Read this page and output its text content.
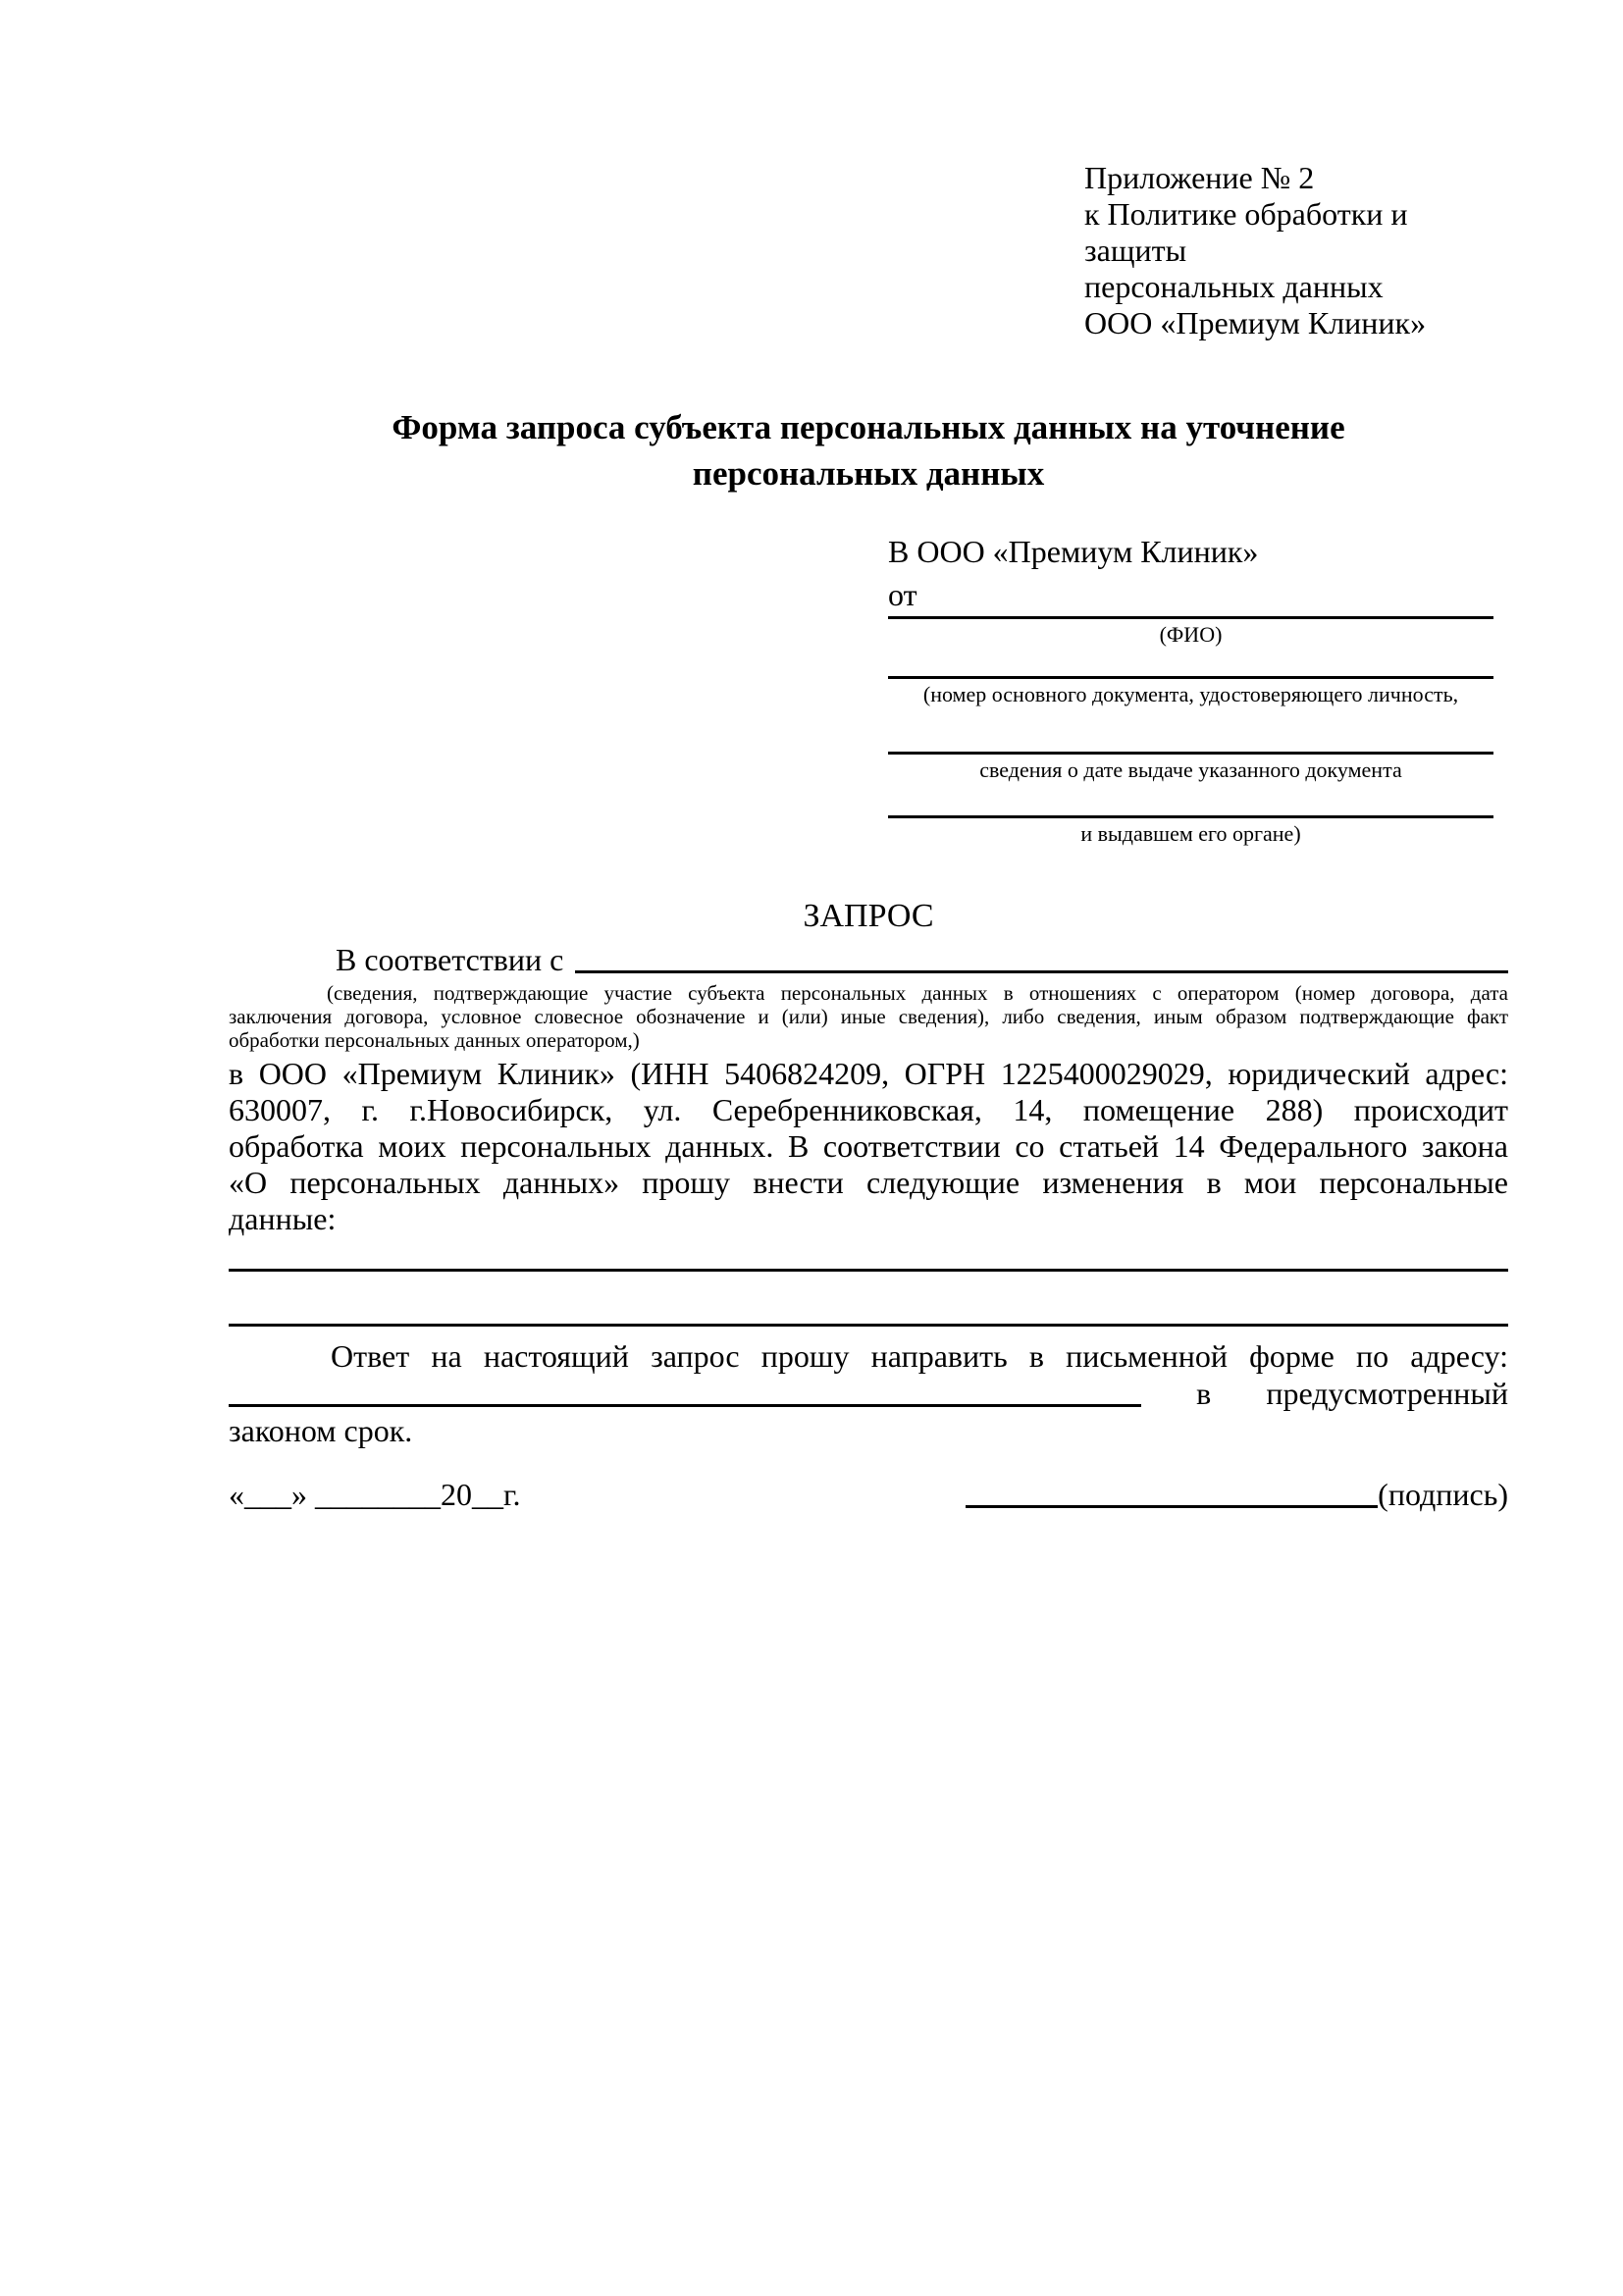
Приложение № 2
к Политике обработки и защиты
персональных данных
ООО «Премиум Клиник»
Форма запроса субъекта персональных данных на уточнение персональных данных
В ООО «Премиум Клиник»
от
(ФИО)
(номер основного документа, удостоверяющего личность,
сведения о дате выдаче указанного документа
и выдавшем его органе)
ЗАПРОС
В соответствии с
(сведения, подтверждающие участие субъекта персональных данных в отношениях с оператором (номер договора, дата
заключения договора, условное словесное обозначение и (или) иные сведения), либо сведения, иным образом подтверждающие факт
обработки персональных данных оператором,)
в ООО «Премиум Клиник» (ИНН 5406824209, ОГРН 1225400029029, юридический адрес:
630007, г. г.Новосибирск, ул. Серебренниковская, 14, помещение 288) происходит
обработка моих персональных данных. В соответствии со статьей 14 Федерального закона
«О персональных данных» прошу внести следующие изменения в мои персональные
данные:
Ответ на настоящий запрос прошу направить в письменной форме по адресу:
в предусмотренный
законом срок.
«___» ________20__г.	(подпись)
